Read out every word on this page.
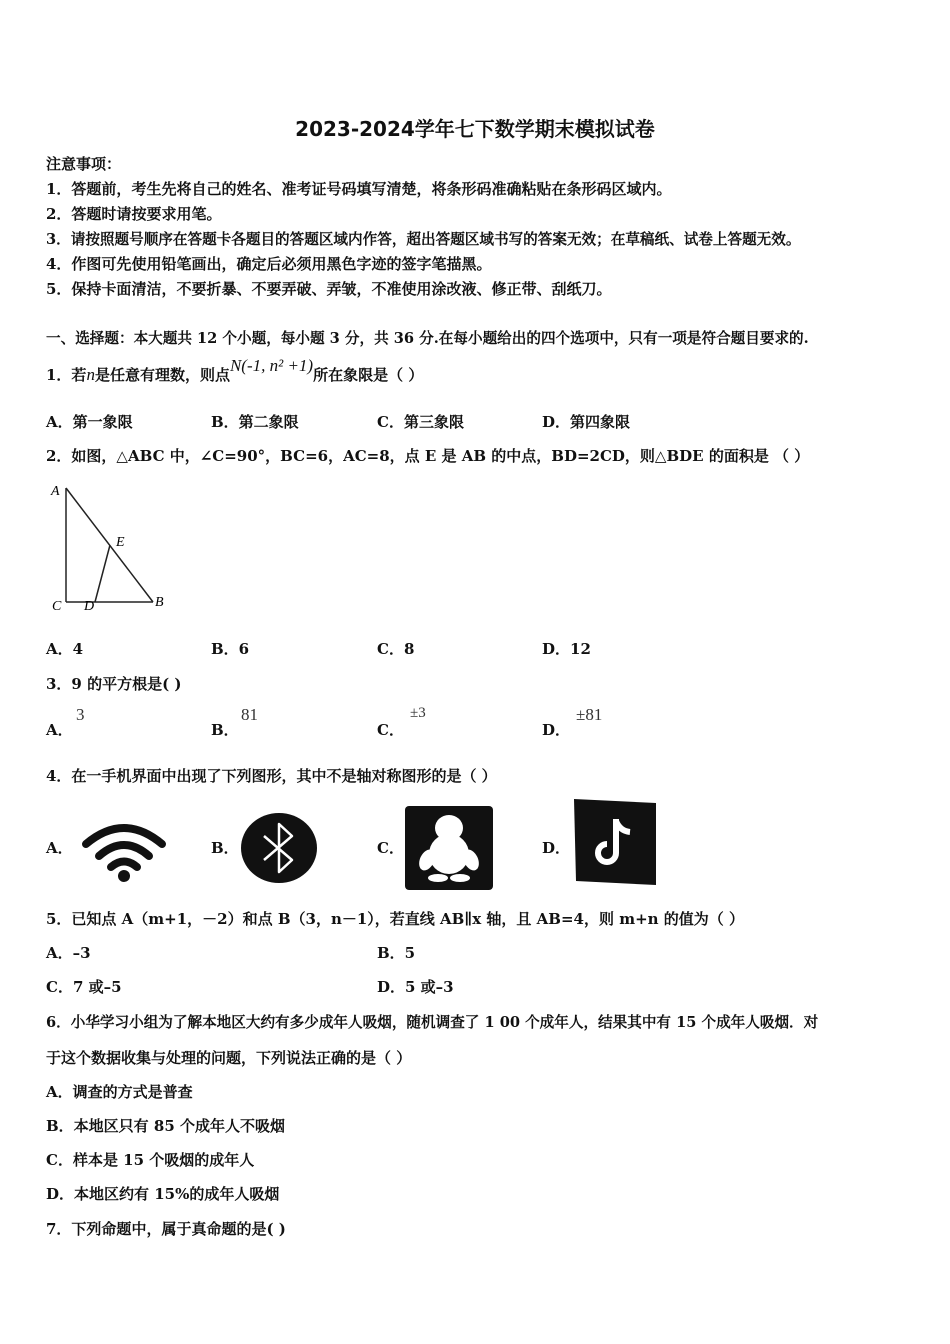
2023-2024学年七下数学期末模拟试卷
注意事项：
1．答题前，考生先将自己的姓名、准考证号码填写清楚，将条形码准确粘贴在条形码区域内。
2．答题时请按要求用笔。
3．请按照题号顺序在答题卡各题目的答题区域内作答，超出答题区域书写的答案无效；在草稿纸、试卷上答题无效。
4．作图可先使用铅笔画出，确定后必须用黑色字迹的签字笔描黑。
5．保持卡面清洁，不要折暴、不要弄破、弄皱，不准使用涂改液、修正带、刮纸刀。
一、选择题：本大题共 12 个小题，每小题 3 分，共 36 分.在每小题给出的四个选项中，只有一项是符合题目要求的.
1．若n是任意有理数，则点N(-1, n² +1)所在象限是（ ）
A．第一象限	B．第二象限	C．第三象限	D．第四象限
2．如图，△ABC 中，∠C=90°，BC=6，AC=8，点 E 是 AB 的中点，BD=2CD，则△BDE 的面积是 （ ）
A
E
C D	B
A．4	B．6	C．8	D．12
3．9 的平方根是( )
A．
3
B．
81
C．
±3
D．
±81
4．在一手机界面中出现了下列图形，其中不是轴对称图形的是（ ）
A．	B．	C．	D．
5．已知点 A（m+1，－2）和点 B（3，n－1），若直线 AB∥x 轴，且 AB=4，则 m+n 的值为（ ）
A．–3	B．5
C．7 或–5	D．5 或–3
6．小华学习小组为了解本地区大约有多少成年人吸烟，随机调查了 1 00 个成年人，结果其中有 15 个成年人吸烟．对
于这个数据收集与处理的问题，下列说法正确的是（ ）
A．调查的方式是普查
B．本地区只有 85 个成年人不吸烟
C．样本是 15 个吸烟的成年人
D．本地区约有 15%的成年人吸烟
7．下列命题中，属于真命题的是( )
